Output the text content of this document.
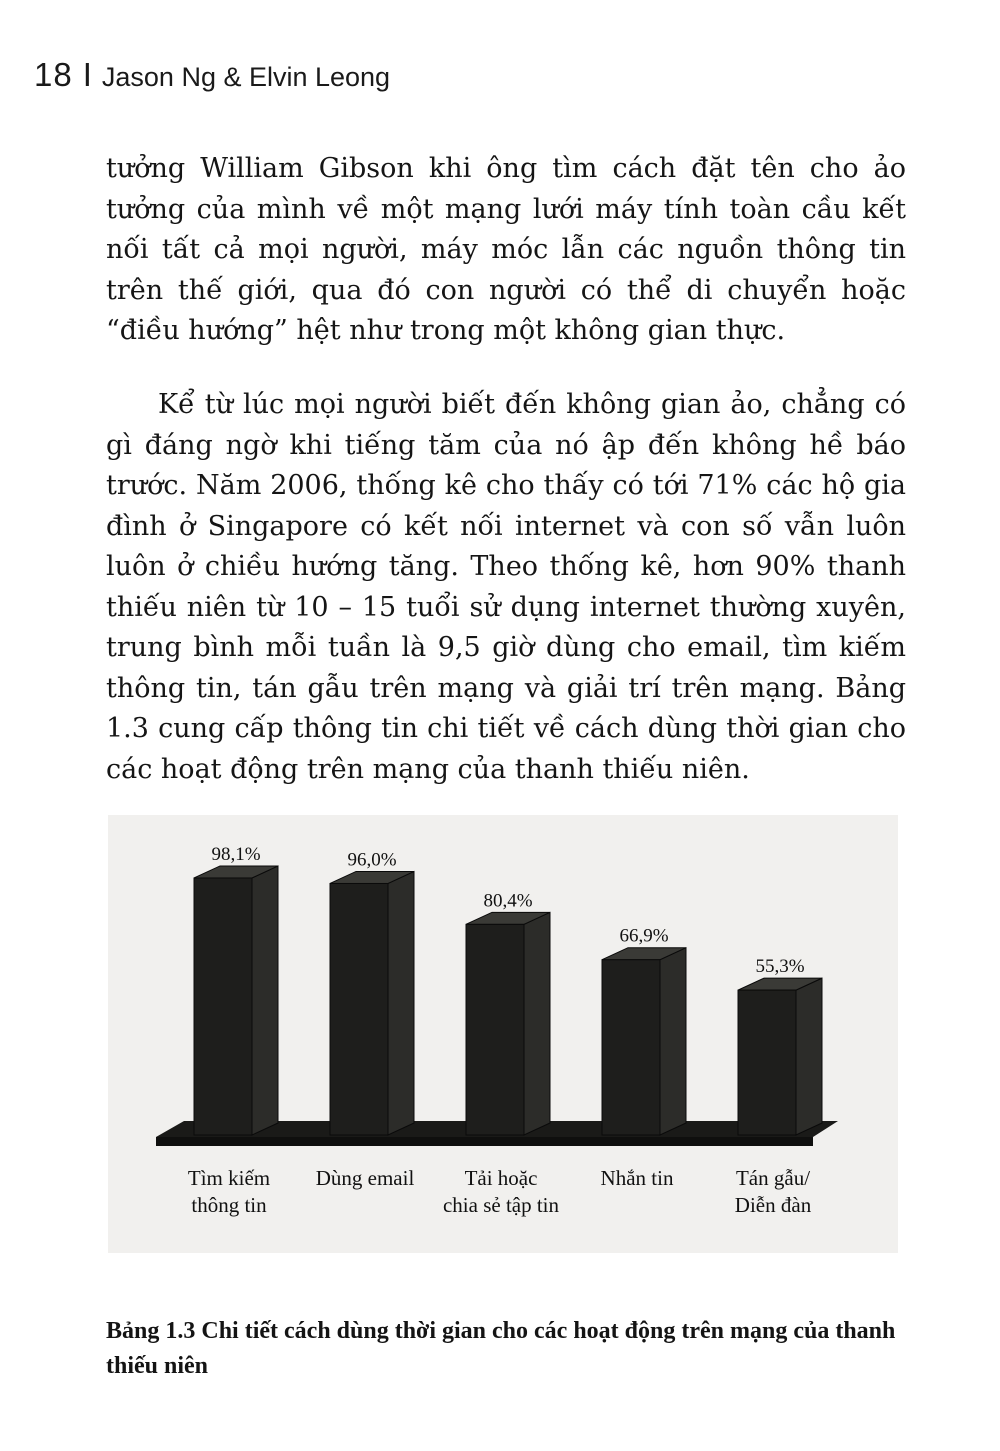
18 I Jason Ng & Elvin Leong

tưởng William Gibson khi ông tìm cách đặt tên cho ảo tưởng của mình về một mạng lưới máy tính toàn cầu kết nối tất cả mọi người, máy móc lẫn các nguồn thông tin trên thế giới, qua đó con người có thể di chuyển hoặc “điều hướng” hệt như trong một không gian thực.

Kể từ lúc mọi người biết đến không gian ảo, chẳng có gì đáng ngờ khi tiếng tăm của nó ập đến không hề báo trước. Năm 2006, thống kê cho thấy có tới 71% các hộ gia đình ở Singapore có kết nối internet và con số vẫn luôn luôn ở chiều hướng tăng. Theo thống kê, hơn 90% thanh thiếu niên từ 10 – 15 tuổi sử dụng internet thường xuyên, trung bình mỗi tuần là 9,5 giờ dùng cho email, tìm kiếm thông tin, tán gẫu trên mạng và giải trí trên mạng. Bảng 1.3 cung cấp thông tin chi tiết về cách dùng thời gian cho các hoạt động trên mạng của thanh thiếu niên.

98,1%
Tìm kiếm thông tin
96,0%
Dùng email
80,4%
Tải hoặc chia sẻ tập tin
66,9%
Nhắn tin
55,3%
Tán gẫu/ Diễn đàn

Bảng 1.3 Chi tiết cách dùng thời gian cho các hoạt động trên mạng của thanh thiếu niên
